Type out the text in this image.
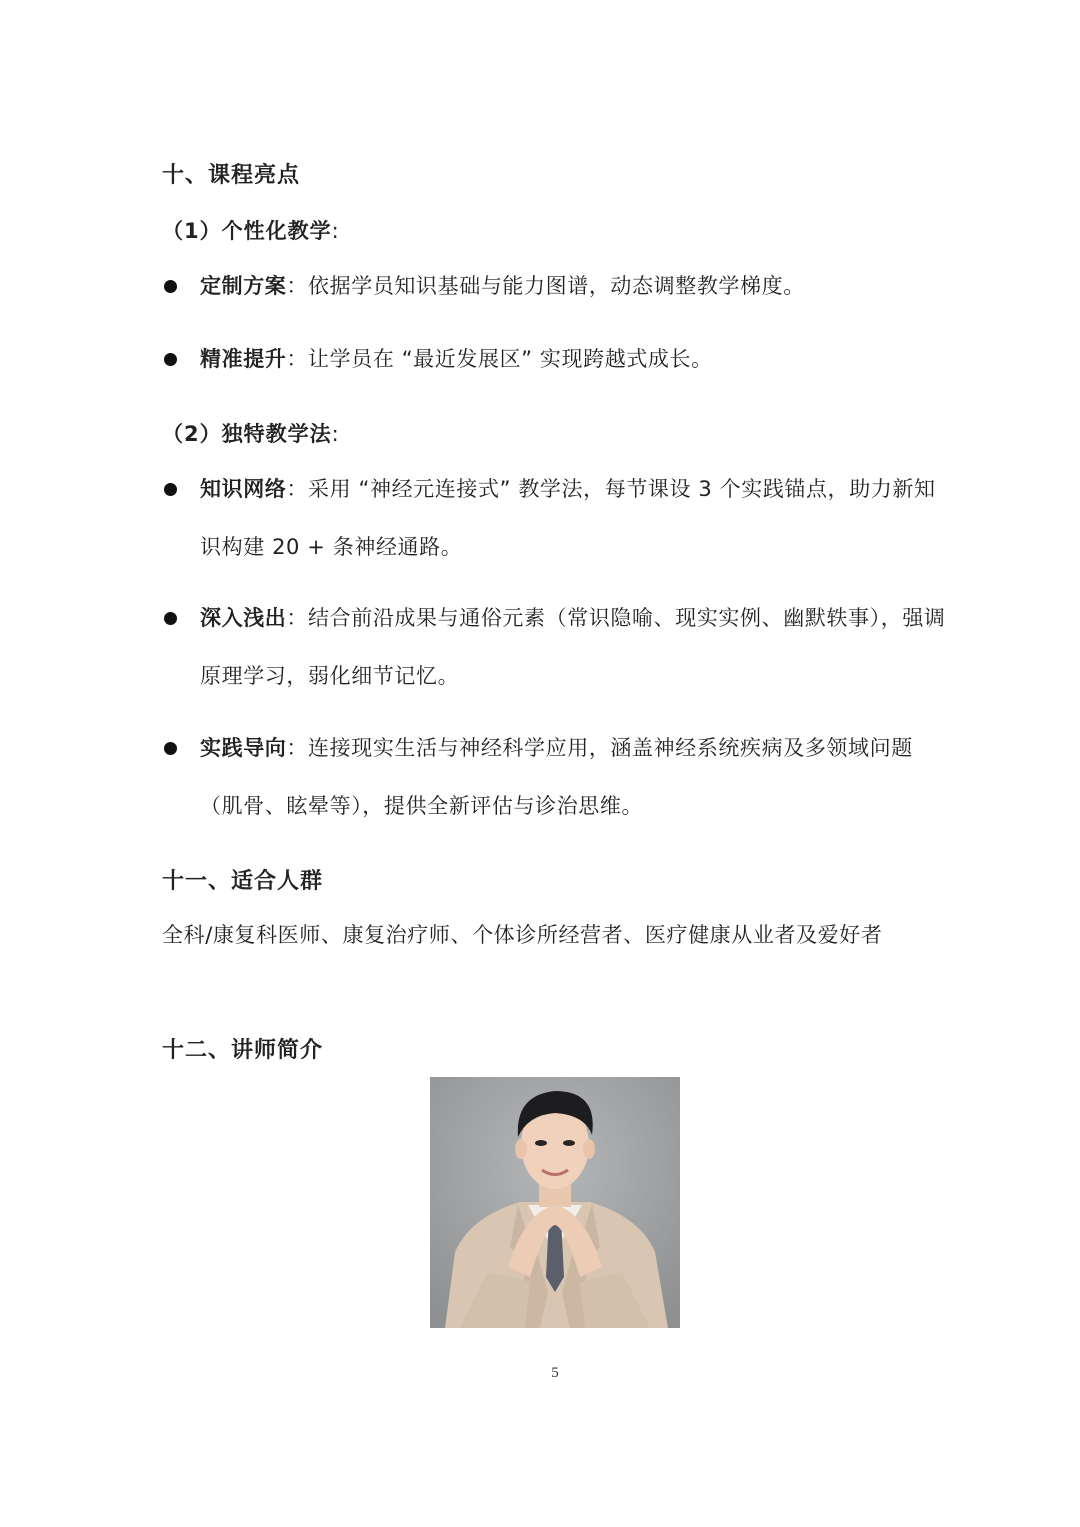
十、课程亮点
（1）个性化教学:
定制方案：依据学员知识基础与能力图谱，动态调整教学梯度。
精准提升：让学员在 “最近发展区” 实现跨越式成长。
（2）独特教学法:
知识网络：采用 “神经元连接式” 教学法，每节课设 3 个实践锚点，助力新知识构建 20 + 条神经通路。
深入浅出：结合前沿成果与通俗元素（常识隐喻、现实实例、幽默轶事），强调原理学习，弱化细节记忆。
实践导向：连接现实生活与神经科学应用，涵盖神经系统疾病及多领域问题（肌骨、眩晕等），提供全新评估与诊治思维。
十一、适合人群
全科/康复科医师、康复治疗师、个体诊所经营者、医疗健康从业者及爱好者
十二、讲师简介
5
